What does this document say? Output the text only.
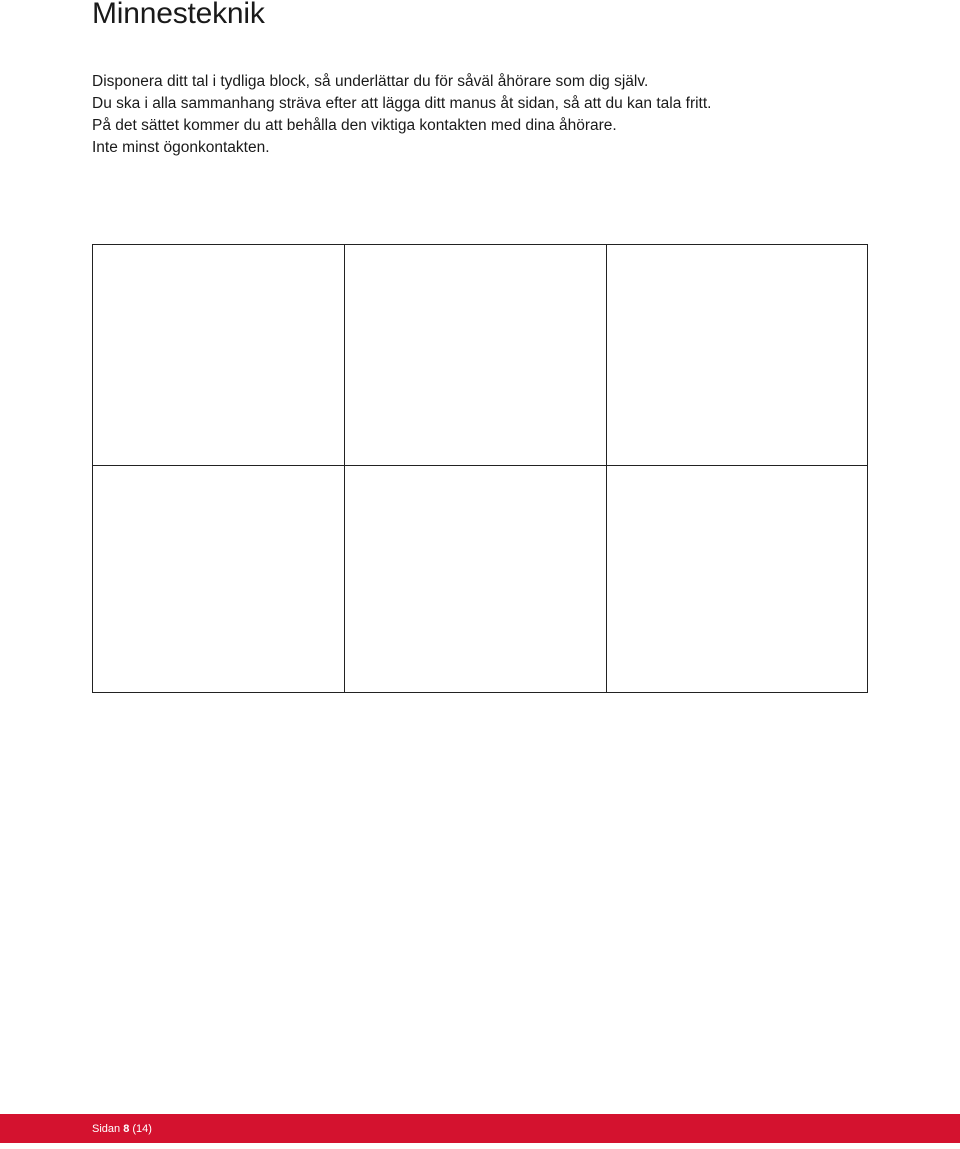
Minnesteknik

Disponera ditt tal i tydliga block, så underlättar du för såväl åhörare som dig själv.

Du ska i alla sammanhang sträva efter att lägga ditt manus åt sidan, så att du kan tala fritt.

På det sättet kommer du att behålla den viktiga kontakten med dina åhörare.

Inte minst ögonkontakten.

Sidan 8 (14)
